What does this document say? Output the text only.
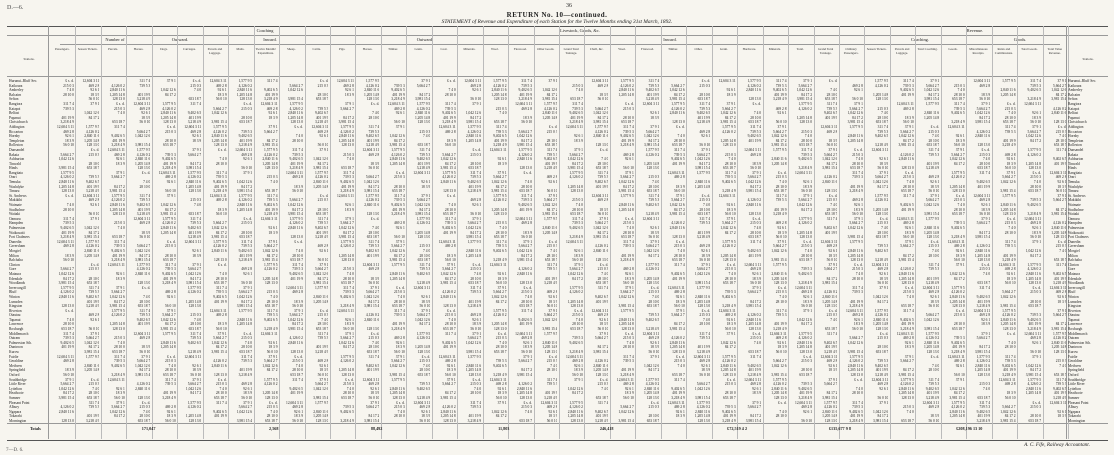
D.—6.	36
RETURN No. 10—continued.
STATEMENT of Revenue and Expenditure of each Station for the Twelve Months ending 31st March, 1892.
Coaching	Livestock, Goods, &c.	Revenue.
Number of	Outward.	Inward.	Outward.	Inward.	Coaching.	Goods.
Stations.	Stations.
Passengers.	Season Tickets.	Parcels.	Horses.	Dogs.	Carriages.	Parcels and Luggage.
Mails.	Twelve Months' Expenditure.
Sheep.	Cattle.	Pigs.	Horses.	Timber.	Grain.	Coal.	Minerals.	Wool.	Firewood.	Other Goods.	Grand Total Tonnage.
Chaff, &c.	Wool.	Firewood.	Timber.	Other.	Grain.	Hardware.	Minerals.	Total.	Grand Total Tonnage.
Ordinary Passengers.
Season Tickets.	Parcels and Luggage.
Total Coaching.	Goods.	Miscellaneous Receipts.
Rents and Commissions.
Total Goods.	Total Value Revenue.
Hurunui–Bluff Sec.
Kaikoura
Amberley
Balcairn
Sefton
Rangiora
Kaiapoi
Belfast
Papanui
Christchurch
Addington
Riccarton
Hornby
Templeton
Rolleston
Dunsandel
Rakaia
Ashburton
Tinwald
Hinds
Rangitata
Orari
Temuka
Washdyke
Timaru
St. Andrews
Makikihi
Waimate
Studholme
Waitaki
Oamaru
Hampden
Palmerston
Waikouaiti
Port Chalmers
Dunedin
Caversham
Mosgiel
Milton
Balclutha
Clinton
Gore
Mataura
Edendale
Woodlands
Invercargill
Bluff
Winton
Lumsden
Kingston
Riverton
Otautau
Tapanui
Lawrence
Roxburgh
Middlemarch
Outram
Palmerston Sth.
Duntroon
Kurow
Fairlie
Geraldine
Methven
Springfield
Oxford
Southbridge
Little River
Lyttelton
Heathcote
Sumner
Pleasant Point
Albury
Ngapara
Tokarahi
Mornington
Hurunui–Bluff Sec.
Kaikoura
Amberley
Balcairn
Sefton
Rangiora
Kaiapoi
Belfast
Papanui
Christchurch
Addington
Riccarton
Hornby
Templeton
Rolleston
Dunsandel
Rakaia
Ashburton
Tinwald
Hinds
Rangitata
Orari
Temuka
Washdyke
Timaru
St. Andrews
Makikihi
Waimate
Studholme
Waitaki
Oamaru
Hampden
Palmerston
Waikouaiti
Port Chalmers
Dunedin
Caversham
Mosgiel
Milton
Balclutha
Clinton
Gore
Mataura
Edendale
Woodlands
Invercargill
Bluff
Winton
Lumsden
Kingston
Riverton
Otautau
Tapanui
Lawrence
Roxburgh
Middlemarch
Outram
Palmerston Sth.
Duntroon
Kurow
Fairlie
Geraldine
Methven
Springfield
Oxford
Southbridge
Little River
Lyttelton
Heathcote
Sumner
Pleasant Point
Albury
Ngapara
Tokarahi
Mornington
£ s. d.
215 0 3
7 4 0
28 10 0
311 7 4
739 5 3
401 19 9
3,218 4 9
12,604 3 11
469 2 8
92 6 1
18 3 9
56 0 10
5,664 2 7
1,042 12 6
3,981 15 4
1,577 9 5
4,126 0 2
2,840 11 6
1,205 14 8
128 13 0
£ s. d.
7 4 0
28 10 0
311 7 4
739 5 3
9,402 6 5
401 19 9
3,218 4 9
12,604 3 11
469 2 8
18 3 9
56 0 10
5,664 2 7
1,042 12 6
84 17 2
3,981 15 4
1,577 9 5
4,126 0 2
2,840 11 6
128 13 0
£ s. d.
7 4 0
28 10 0
653 18 7
311 7 4
739 5 3
9,402 6 5
401 19 9
12,604 3 11
469 2 8
18 3 9
56 0 10
37 9 1
5,664 2 7
1,042 12 6
84 17 2
3,981 15 4
4,126 0 2
2,840 11 6
128 13 0
12,604 3 11
469 2 8
92 6 1
18 3 9
56 0 10
37 9 1
1,042 12 6
84 17 2
1,577 9 5
4,126 0 2
2,840 11 6
1,205 14 8
128 13 0
£ s. d.
215 0 3
28 10 0
653 18 7
739 5 3
9,402 6 5
401 19 9
3,218 4 9
12,604 3 11
469 2 8
92 6 1
56 0 10
37 9 1
1,042 12 6
84 17 2
3,981 15 4
1,577 9 5
4,126 0 2
2,840 11 6
1,205 14 8
£ s. d.
215 0 3
28 10 0
653 18 7
311 7 4
739 5 3
9,402 6 5
401 19 9
3,218 4 9
469 2 8
92 6 1
56 0 10
37 9 1
5,664 2 7
1,042 12 6
84 17 2
3,981 15 4
1,577 9 5
2,840 11 6
1,205 14 8
£ s. d.
215 0 3
7 4 0
28 10 0
653 18 7
311 7 4
739 5 3
401 19 9
3,218 4 9
4,126 0 2
2,840 11 6
1,205 14 8
128 13 0
£ s. d.
215 0 3
7 4 0
653 18 7
311 7 4
9,402 6 5
401 19 9
3,218 4 9
12,604 3 11
469 2 8
92 6 1
18 3 9
37 9 1
5,664 2 7
84 17 2
3,981 15 4
1,577 9 5
4,126 0 2
2,840 11 6
1,205 14 8
128 13 0
215 0 3
7 4 0
653 18 7
311 7 4
739 5 3
9,402 6 5
401 19 9
3,218 4 9
12,604 3 11
92 6 1
18 3 9
37 9 1
5,664 2 7
1,042 12 6
84 17 2
3,981 15 4
1,577 9 5
4,126 0 2
1,205 14 8
128 13 0
215 0 3
7 4 0
28 10 0
653 18 7
311 7 4
739 5 3
9,402 6 5
3,218 4 9
12,604 3 11
92 6 1
18 3 9
56 0 10
37 9 1
5,664 2 7
1,042 12 6
84 17 2
311 7 4
739 5 3
401 19 9
3,218 4 9
12,604 3 11
469 2 8
92 6 1
18 3 9
56 0 10
5,664 2 7
1,042 12 6
3,981 15 4
1,577 9 5
4,126 0 2
2,840 11 6
1,205 14 8
128 13 0
£ s. d.
7 4 0
28 10 0
311 7 4
739 5 3
9,402 6 5
401 19 9
3,218 4 9
12,604 3 11
469 2 8
18 3 9
56 0 10
5,664 2 7
1,042 12 6
84 17 2
3,981 15 4
1,577 9 5
4,126 0 2
2,840 11 6
128 13 0
£ s. d.
7 4 0
28 10 0
653 18 7
311 7 4
739 5 3
9,402 6 5
401 19 9
12,604 3 11
469 2 8
18 3 9
56 0 10
37 9 1
5,664 2 7
1,042 12 6
84 17 2
3,981 15 4
4,126 0 2
2,840 11 6
128 13 0
£ s. d.
215 0 3
7 4 0
28 10 0
653 18 7
37 9 1
1,042 12 6
84 17 2
1,577 9 5
4,126 0 2
2,840 11 6
1,205 14 8
128 13 0
£ s. d.
215 0 3
28 10 0
653 18 7
739 5 3
9,402 6 5
401 19 9
3,218 4 9
12,604 3 11
469 2 8
92 6 1
56 0 10
37 9 1
1,042 12 6
84 17 2
3,981 15 4
1,577 9 5
4,126 0 2
2,840 11 6
1,205 14 8
£ s. d.
215 0 3
28 10 0
653 18 7
311 7 4
739 5 3
9,402 6 5
401 19 9
3,218 4 9
469 2 8
92 6 1
56 0 10
37 9 1
5,664 2 7
1,042 12 6
84 17 2
3,981 15 4
1,577 9 5
2,840 11 6
1,205 14 8
£ s. d.
215 0 3
7 4 0
28 10 0
653 18 7
311 7 4
739 5 3
401 19 9
3,218 4 9
469 2 8
92 6 1
18 3 9
56 0 10
£ s. d.
215 0 3
7 4 0
653 18 7
311 7 4
9,402 6 5
401 19 9
3,218 4 9
12,604 3 11
469 2 8
92 6 1
18 3 9
37 9 1
5,664 2 7
84 17 2
3,981 15 4
1,577 9 5
4,126 0 2
2,840 11 6
1,205 14 8
128 13 0
215 0 3
7 4 0
653 18 7
311 7 4
739 5 3
9,402 6 5
401 19 9
3,218 4 9
12,604 3 11
92 6 1
18 3 9
37 9 1
5,664 2 7
1,042 12 6
84 17 2
3,981 15 4
1,577 9 5
4,126 0 2
1,205 14 8
128 13 0
215 0 3
7 4 0
28 10 0
653 18 7
311 7 4
739 5 3
9,402 6 5
3,218 4 9
12,604 3 11
92 6 1
18 3 9
56 0 10
37 9 1
5,664 2 7
1,042 12 6
84 17 2
1,577 9 5
4,126 0 2
1,205 14 8
128 13 0
12,604 3 11
469 2 8
92 6 1
18 3 9
56 0 10
5,664 2 7
1,042 12 6
3,981 15 4
1,577 9 5
4,126 0 2
2,840 11 6
1,205 14 8
128 13 0
£ s. d.
7 4 0
28 10 0
311 7 4
739 5 3
9,402 6 5
401 19 9
3,218 4 9
12,604 3 11
469 2 8
18 3 9
56 0 10
5,664 2 7
1,042 12 6
84 17 2
3,981 15 4
1,577 9 5
4,126 0 2
2,840 11 6
128 13 0
£ s. d.
7 4 0
28 10 0
653 18 7
311 7 4
739 5 3
9,402 6 5
401 19 9
12,604 3 11
469 2 8
18 3 9
56 0 10
37 9 1
5,664 2 7
1,042 12 6
84 17 2
3,981 15 4
4,126 0 2
2,840 11 6
128 13 0
£ s. d.
215 0 3
7 4 0
28 10 0
653 18 7
311 7 4
9,402 6 5
401 19 9
1,577 9 5
4,126 0 2
2,840 11 6
1,205 14 8
128 13 0
£ s. d.
215 0 3
28 10 0
653 18 7
739 5 3
9,402 6 5
401 19 9
3,218 4 9
12,604 3 11
469 2 8
92 6 1
56 0 10
37 9 1
1,042 12 6
84 17 2
3,981 15 4
1,577 9 5
4,126 0 2
2,840 11 6
1,205 14 8
£ s. d.
215 0 3
28 10 0
653 18 7
311 7 4
739 5 3
9,402 6 5
401 19 9
3,218 4 9
469 2 8
92 6 1
56 0 10
37 9 1
5,664 2 7
1,042 12 6
84 17 2
3,981 15 4
1,577 9 5
2,840 11 6
1,205 14 8
£ s. d.
215 0 3
7 4 0
28 10 0
653 18 7
311 7 4
739 5 3
401 19 9
3,218 4 9
469 2 8
92 6 1
18 3 9
56 0 10
37 9 1
5,664 2 7
1,042 12 6
3,981 15 4
311 7 4
9,402 6 5
401 19 9
3,218 4 9
12,604 3 11
469 2 8
92 6 1
18 3 9
37 9 1
5,664 2 7
84 17 2
3,981 15 4
1,577 9 5
4,126 0 2
2,840 11 6
1,205 14 8
128 13 0
215 0 3
7 4 0
653 18 7
311 7 4
739 5 3
9,402 6 5
401 19 9
3,218 4 9
12,604 3 11
92 6 1
18 3 9
37 9 1
5,664 2 7
1,042 12 6
84 17 2
3,981 15 4
1,577 9 5
4,126 0 2
1,205 14 8
128 13 0
215 0 3
7 4 0
28 10 0
653 18 7
311 7 4
739 5 3
9,402 6 5
3,218 4 9
12,604 3 11
92 6 1
18 3 9
56 0 10
37 9 1
5,664 2 7
1,042 12 6
84 17 2
1,577 9 5
4,126 0 2
1,205 14 8
128 13 0
£ s. d.
215 0 3
7 4 0
28 10 0
653 18 7
5,664 2 7
1,042 12 6
3,981 15 4
1,577 9 5
4,126 0 2
2,840 11 6
1,205 14 8
128 13 0
£ s. d.
7 4 0
28 10 0
311 7 4
739 5 3
9,402 6 5
401 19 9
3,218 4 9
12,604 3 11
469 2 8
18 3 9
56 0 10
5,664 2 7
1,042 12 6
84 17 2
3,981 15 4
1,577 9 5
4,126 0 2
2,840 11 6
128 13 0
£ s. d.
7 4 0
28 10 0
653 18 7
311 7 4
739 5 3
9,402 6 5
401 19 9
12,604 3 11
469 2 8
18 3 9
56 0 10
37 9 1
5,664 2 7
1,042 12 6
84 17 2
3,981 15 4
4,126 0 2
2,840 11 6
128 13 0
£ s. d.
215 0 3
7 4 0
28 10 0
653 18 7
311 7 4
9,402 6 5
401 19 9
12,604 3 11
469 2 8
92 6 1
18 3 9
56 0 10
£ s. d.
215 0 3
28 10 0
653 18 7
739 5 3
9,402 6 5
401 19 9
3,218 4 9
12,604 3 11
469 2 8
92 6 1
56 0 10
37 9 1
1,042 12 6
84 17 2
3,981 15 4
1,577 9 5
4,126 0 2
2,840 11 6
1,205 14 8
£ s. d.
215 0 3
28 10 0
653 18 7
311 7 4
739 5 3
9,402 6 5
401 19 9
3,218 4 9
469 2 8
92 6 1
56 0 10
37 9 1
5,664 2 7
1,042 12 6
84 17 2
3,981 15 4
1,577 9 5
2,840 11 6
1,205 14 8
£ s. d.
215 0 3
7 4 0
28 10 0
653 18 7
311 7 4
739 5 3
401 19 9
3,218 4 9
469 2 8
92 6 1
18 3 9
56 0 10
37 9 1
5,664 2 7
1,042 12 6
3,981 15 4
1,577 9 5
2,840 11 6
1,205 14 8
128 13 0
12,604 3 11
469 2 8
92 6 1
18 3 9
37 9 1
5,664 2 7
84 17 2
3,981 15 4
1,577 9 5
4,126 0 2
2,840 11 6
1,205 14 8
128 13 0
215 0 3
7 4 0
653 18 7
311 7 4
739 5 3
9,402 6 5
401 19 9
3,218 4 9
12,604 3 11
92 6 1
18 3 9
37 9 1
5,664 2 7
1,042 12 6
84 17 2
3,981 15 4
1,577 9 5
4,126 0 2
1,205 14 8
128 13 0
215 0 3
7 4 0
28 10 0
653 18 7
311 7 4
739 5 3
9,402 6 5
3,218 4 9
12,604 3 11
92 6 1
18 3 9
56 0 10
37 9 1
5,664 2 7
1,042 12 6
84 17 2
1,577 9 5
4,126 0 2
1,205 14 8
128 13 0
£ s. d.
215 0 3
7 4 0
28 10 0
653 18 7
739 5 3
9,402 6 5
3,218 4 9
1,577 9 5
4,126 0 2
2,840 11 6
1,205 14 8
128 13 0
£ s. d.
7 4 0
28 10 0
311 7 4
739 5 3
9,402 6 5
401 19 9
3,218 4 9
12,604 3 11
469 2 8
18 3 9
56 0 10
5,664 2 7
1,042 12 6
84 17 2
3,981 15 4
1,577 9 5
4,126 0 2
2,840 11 6
128 13 0
£ s. d.
7 4 0
28 10 0
653 18 7
311 7 4
739 5 3
9,402 6 5
401 19 9
12,604 3 11
469 2 8
18 3 9
56 0 10
37 9 1
5,664 2 7
1,042 12 6
84 17 2
3,981 15 4
4,126 0 2
2,840 11 6
128 13 0
£ s. d.
215 0 3
7 4 0
28 10 0
653 18 7
311 7 4
9,402 6 5
401 19 9
12,604 3 11
469 2 8
92 6 1
18 3 9
56 0 10
37 9 1
5,664 2 7
84 17 2
3,981 15 4
739 5 3
9,402 6 5
401 19 9
3,218 4 9
12,604 3 11
469 2 8
92 6 1
56 0 10
37 9 1
1,042 12 6
84 17 2
3,981 15 4
1,577 9 5
4,126 0 2
2,840 11 6
1,205 14 8
£ s. d.
215 0 3
28 10 0
653 18 7
311 7 4
739 5 3
9,402 6 5
401 19 9
3,218 4 9
469 2 8
92 6 1
56 0 10
37 9 1
5,664 2 7
1,042 12 6
84 17 2
3,981 15 4
1,577 9 5
2,840 11 6
1,205 14 8
£ s. d.
215 0 3
7 4 0
28 10 0
653 18 7
311 7 4
739 5 3
401 19 9
3,218 4 9
469 2 8
92 6 1
18 3 9
56 0 10
37 9 1
5,664 2 7
1,042 12 6
3,981 15 4
1,577 9 5
2,840 11 6
1,205 14 8
128 13 0
£ s. d.
215 0 3
7 4 0
28 10 0
37 9 1
5,664 2 7
84 17 2
3,981 15 4
1,577 9 5
4,126 0 2
2,840 11 6
1,205 14 8
128 13 0
215 0 3
7 4 0
653 18 7
311 7 4
739 5 3
9,402 6 5
401 19 9
3,218 4 9
12,604 3 11
92 6 1
18 3 9
37 9 1
5,664 2 7
1,042 12 6
84 17 2
3,981 15 4
1,577 9 5
4,126 0 2
1,205 14 8
128 13 0
215 0 3
7 4 0
28 10 0
653 18 7
311 7 4
739 5 3
9,402 6 5
3,218 4 9
12,604 3 11
92 6 1
18 3 9
56 0 10
37 9 1
5,664 2 7
1,042 12 6
84 17 2
1,577 9 5
4,126 0 2
1,205 14 8
128 13 0
£ s. d.
215 0 3
7 4 0
28 10 0
653 18 7
739 5 3
9,402 6 5
3,218 4 9
12,604 3 11
469 2 8
92 6 1
18 3 9
56 0 10
£ s. d.
7 4 0
28 10 0
311 7 4
739 5 3
9,402 6 5
401 19 9
3,218 4 9
12,604 3 11
469 2 8
18 3 9
56 0 10
5,664 2 7
1,042 12 6
84 17 2
3,981 15 4
1,577 9 5
4,126 0 2
2,840 11 6
128 13 0
£ s. d.
7 4 0
28 10 0
653 18 7
311 7 4
739 5 3
9,402 6 5
401 19 9
12,604 3 11
469 2 8
18 3 9
56 0 10
37 9 1
5,664 2 7
1,042 12 6
84 17 2
3,981 15 4
4,126 0 2
2,840 11 6
128 13 0
£ s. d.
215 0 3
7 4 0
28 10 0
653 18 7
311 7 4
9,402 6 5
401 19 9
12,604 3 11
469 2 8
92 6 1
18 3 9
56 0 10
37 9 1
5,664 2 7
84 17 2
3,981 15 4
4,126 0 2
2,840 11 6
1,205 14 8
128 13 0
12,604 3 11
469 2 8
92 6 1
56 0 10
37 9 1
1,042 12 6
84 17 2
3,981 15 4
1,577 9 5
4,126 0 2
2,840 11 6
1,205 14 8
£ s. d.
215 0 3
28 10 0
653 18 7
311 7 4
739 5 3
9,402 6 5
401 19 9
3,218 4 9
469 2 8
92 6 1
56 0 10
37 9 1
5,664 2 7
1,042 12 6
84 17 2
3,981 15 4
1,577 9 5
2,840 11 6
1,205 14 8
£ s. d.
215 0 3
7 4 0
28 10 0
653 18 7
311 7 4
739 5 3
401 19 9
3,218 4 9
469 2 8
92 6 1
18 3 9
56 0 10
37 9 1
5,664 2 7
1,042 12 6
3,981 15 4
1,577 9 5
2,840 11 6
1,205 14 8
128 13 0
£ s. d.
215 0 3
7 4 0
28 10 0
311 7 4
739 5 3
401 19 9
3,218 4 9
1,577 9 5
4,126 0 2
2,840 11 6
1,205 14 8
128 13 0
215 0 3
7 4 0
653 18 7
311 7 4
739 5 3
9,402 6 5
401 19 9
3,218 4 9
12,604 3 11
92 6 1
18 3 9
37 9 1
5,664 2 7
1,042 12 6
84 17 2
3,981 15 4
1,577 9 5
4,126 0 2
1,205 14 8
128 13 0
215 0 3
7 4 0
28 10 0
653 18 7
311 7 4
739 5 3
9,402 6 5
3,218 4 9
12,604 3 11
92 6 1
18 3 9
56 0 10
37 9 1
5,664 2 7
1,042 12 6
84 17 2
1,577 9 5
4,126 0 2
1,205 14 8
128 13 0
£ s. d.
215 0 3
7 4 0
28 10 0
653 18 7
739 5 3
9,402 6 5
3,218 4 9
12,604 3 11
469 2 8
92 6 1
18 3 9
56 0 10
37 9 1
1,042 12 6
84 17 2
311 7 4
739 5 3
9,402 6 5
401 19 9
3,218 4 9
12,604 3 11
469 2 8
18 3 9
56 0 10
5,664 2 7
1,042 12 6
84 17 2
3,981 15 4
1,577 9 5
4,126 0 2
2,840 11 6
128 13 0
£ s. d.
7 4 0
28 10 0
653 18 7
311 7 4
739 5 3
9,402 6 5
401 19 9
12,604 3 11
469 2 8
18 3 9
56 0 10
37 9 1
5,664 2 7
1,042 12 6
84 17 2
3,981 15 4
4,126 0 2
2,840 11 6
128 13 0
£ s. d.
215 0 3
7 4 0
28 10 0
653 18 7
311 7 4
9,402 6 5
401 19 9
12,604 3 11
469 2 8
92 6 1
18 3 9
56 0 10
37 9 1
5,664 2 7
84 17 2
3,981 15 4
4,126 0 2
2,840 11 6
1,205 14 8
128 13 0
£ s. d.
215 0 3
7 4 0
653 18 7
37 9 1
1,042 12 6
84 17 2
3,981 15 4
1,577 9 5
4,126 0 2
2,840 11 6
1,205 14 8
£ s. d.
215 0 3
28 10 0
653 18 7
311 7 4
739 5 3
9,402 6 5
401 19 9
3,218 4 9
469 2 8
92 6 1
56 0 10
37 9 1
5,664 2 7
1,042 12 6
84 17 2
3,981 15 4
1,577 9 5
2,840 11 6
1,205 14 8
£ s. d.
215 0 3
7 4 0
28 10 0
653 18 7
311 7 4
739 5 3
401 19 9
3,218 4 9
469 2 8
92 6 1
18 3 9
56 0 10
37 9 1
5,664 2 7
1,042 12 6
3,981 15 4
1,577 9 5
2,840 11 6
1,205 14 8
128 13 0
£ s. d.
215 0 3
7 4 0
28 10 0
311 7 4
739 5 3
401 19 9
3,218 4 9
12,604 3 11
469 2 8
92 6 1
18 3 9
56 0 10
215 0 3
7 4 0
653 18 7
311 7 4
739 5 3
9,402 6 5
401 19 9
3,218 4 9
12,604 3 11
92 6 1
18 3 9
37 9 1
5,664 2 7
1,042 12 6
84 17 2
3,981 15 4
1,577 9 5
4,126 0 2
1,205 14 8
128 13 0
215 0 3
7 4 0
28 10 0
653 18 7
311 7 4
739 5 3
9,402 6 5
3,218 4 9
12,604 3 11
92 6 1
18 3 9
56 0 10
37 9 1
5,664 2 7
1,042 12 6
84 17 2
1,577 9 5
4,126 0 2
1,205 14 8
128 13 0
£ s. d.
215 0 3
7 4 0
28 10 0
653 18 7
739 5 3
9,402 6 5
3,218 4 9
12,604 3 11
469 2 8
92 6 1
18 3 9
56 0 10
37 9 1
1,042 12 6
84 17 2
1,577 9 5
4,126 0 2
2,840 11 6
1,205 14 8
128 13 0
12,604 3 11
469 2 8
18 3 9
56 0 10
5,664 2 7
1,042 12 6
84 17 2
3,981 15 4
1,577 9 5
4,126 0 2
2,840 11 6
128 13 0
£ s. d.
7 4 0
28 10 0
653 18 7
311 7 4
739 5 3
9,402 6 5
401 19 9
12,604 3 11
469 2 8
18 3 9
56 0 10
37 9 1
5,664 2 7
1,042 12 6
84 17 2
3,981 15 4
4,126 0 2
2,840 11 6
128 13 0
£ s. d.
215 0 3
7 4 0
28 10 0
653 18 7
311 7 4
9,402 6 5
401 19 9
12,604 3 11
469 2 8
92 6 1
18 3 9
56 0 10
37 9 1
5,664 2 7
84 17 2
3,981 15 4
4,126 0 2
2,840 11 6
1,205 14 8
128 13 0
£ s. d.
215 0 3
7 4 0
653 18 7
311 7 4
9,402 6 5
401 19 9
3,218 4 9
1,577 9 5
4,126 0 2
2,840 11 6
1,205 14 8
£ s. d.
215 0 3
28 10 0
653 18 7
311 7 4
739 5 3
9,402 6 5
401 19 9
3,218 4 9
469 2 8
92 6 1
56 0 10
37 9 1
5,664 2 7
1,042 12 6
84 17 2
3,981 15 4
1,577 9 5
2,840 11 6
1,205 14 8
£ s. d.
215 0 3
7 4 0
28 10 0
653 18 7
311 7 4
739 5 3
401 19 9
3,218 4 9
469 2 8
92 6 1
18 3 9
56 0 10
37 9 1
5,664 2 7
1,042 12 6
3,981 15 4
1,577 9 5
2,840 11 6
1,205 14 8
128 13 0
£ s. d.
215 0 3
7 4 0
28 10 0
311 7 4
739 5 3
401 19 9
3,218 4 9
12,604 3 11
469 2 8
92 6 1
18 3 9
56 0 10
5,664 2 7
1,042 12 6
3,981 15 4
311 7 4
739 5 3
9,402 6 5
401 19 9
3,218 4 9
12,604 3 11
92 6 1
18 3 9
37 9 1
5,664 2 7
1,042 12 6
84 17 2
3,981 15 4
1,577 9 5
4,126 0 2
1,205 14 8
128 13 0
215 0 3
7 4 0
28 10 0
653 18 7
311 7 4
739 5 3
9,402 6 5
3,218 4 9
12,604 3 11
92 6 1
18 3 9
56 0 10
37 9 1
5,664 2 7
1,042 12 6
84 17 2
1,577 9 5
4,126 0 2
1,205 14 8
128 13 0
£ s. d.
215 0 3
7 4 0
28 10 0
653 18 7
739 5 3
9,402 6 5
3,218 4 9
12,604 3 11
469 2 8
92 6 1
18 3 9
56 0 10
37 9 1
1,042 12 6
84 17 2
1,577 9 5
4,126 0 2
2,840 11 6
1,205 14 8
128 13 0
£ s. d.
215 0 3
28 10 0
653 18 7
5,664 2 7
1,042 12 6
84 17 2
3,981 15 4
1,577 9 5
4,126 0 2
2,840 11 6
128 13 0
£ s. d.
7 4 0
28 10 0
653 18 7
311 7 4
739 5 3
9,402 6 5
401 19 9
12,604 3 11
469 2 8
18 3 9
56 0 10
37 9 1
5,664 2 7
1,042 12 6
84 17 2
3,981 15 4
4,126 0 2
2,840 11 6
128 13 0
£ s. d.
215 0 3
7 4 0
28 10 0
653 18 7
311 7 4
9,402 6 5
401 19 9
12,604 3 11
469 2 8
92 6 1
18 3 9
56 0 10
37 9 1
5,664 2 7
84 17 2
3,981 15 4
4,126 0 2
2,840 11 6
1,205 14 8
128 13 0
£ s. d.
215 0 3
7 4 0
653 18 7
311 7 4
9,402 6 5
401 19 9
3,218 4 9
12,604 3 11
469 2 8
92 6 1
18 3 9
£ s. d.
215 0 3
28 10 0
653 18 7
311 7 4
739 5 3
9,402 6 5
401 19 9
3,218 4 9
469 2 8
92 6 1
56 0 10
37 9 1
5,664 2 7
1,042 12 6
84 17 2
3,981 15 4
1,577 9 5
2,840 11 6
1,205 14 8
£ s. d.
215 0 3
7 4 0
28 10 0
653 18 7
311 7 4
739 5 3
401 19 9
3,218 4 9
469 2 8
92 6 1
18 3 9
56 0 10
37 9 1
5,664 2 7
1,042 12 6
3,981 15 4
1,577 9 5
2,840 11 6
1,205 14 8
128 13 0
£ s. d.
215 0 3
7 4 0
28 10 0
311 7 4
739 5 3
401 19 9
3,218 4 9
12,604 3 11
469 2 8
92 6 1
18 3 9
56 0 10
5,664 2 7
1,042 12 6
3,981 15 4
1,577 9 5
4,126 0 2
2,840 11 6
1,205 14 8
128 13 0
12,604 3 11
92 6 1
18 3 9
37 9 1
5,664 2 7
1,042 12 6
84 17 2
3,981 15 4
1,577 9 5
4,126 0 2
1,205 14 8
128 13 0
215 0 3
7 4 0
28 10 0
653 18 7
311 7 4
739 5 3
9,402 6 5
3,218 4 9
12,604 3 11
92 6 1
18 3 9
56 0 10
37 9 1
5,664 2 7
1,042 12 6
84 17 2
1,577 9 5
4,126 0 2
1,205 14 8
128 13 0
£ s. d.
215 0 3
7 4 0
28 10 0
653 18 7
739 5 3
9,402 6 5
3,218 4 9
12,604 3 11
469 2 8
92 6 1
18 3 9
56 0 10
37 9 1
1,042 12 6
84 17 2
1,577 9 5
4,126 0 2
2,840 11 6
1,205 14 8
128 13 0
£ s. d.
215 0 3
28 10 0
653 18 7
739 5 3
9,402 6 5
401 19 9
3,218 4 9
1,577 9 5
4,126 0 2
2,840 11 6
128 13 0
£ s. d.
7 4 0
28 10 0
653 18 7
311 7 4
739 5 3
9,402 6 5
401 19 9
12,604 3 11
469 2 8
18 3 9
56 0 10
37 9 1
5,664 2 7
1,042 12 6
84 17 2
3,981 15 4
4,126 0 2
2,840 11 6
128 13 0
£ s. d.
215 0 3
7 4 0
28 10 0
653 18 7
311 7 4
9,402 6 5
401 19 9
12,604 3 11
469 2 8
92 6 1
18 3 9
56 0 10
37 9 1
5,664 2 7
84 17 2
3,981 15 4
4,126 0 2
2,840 11 6
1,205 14 8
128 13 0
£ s. d.
215 0 3
7 4 0
653 18 7
311 7 4
9,402 6 5
401 19 9
3,218 4 9
12,604 3 11
469 2 8
92 6 1
18 3 9
37 9 1
5,664 2 7
84 17 2
3,981 15 4
311 7 4
739 5 3
9,402 6 5
401 19 9
3,218 4 9
469 2 8
92 6 1
56 0 10
37 9 1
5,664 2 7
1,042 12 6
84 17 2
3,981 15 4
1,577 9 5
2,840 11 6
1,205 14 8
£ s. d.
215 0 3
7 4 0
28 10 0
653 18 7
311 7 4
739 5 3
401 19 9
3,218 4 9
469 2 8
92 6 1
18 3 9
56 0 10
37 9 1
5,664 2 7
1,042 12 6
3,981 15 4
1,577 9 5
2,840 11 6
1,205 14 8
128 13 0
£ s. d.
215 0 3
7 4 0
28 10 0
311 7 4
739 5 3
401 19 9
3,218 4 9
12,604 3 11
469 2 8
92 6 1
18 3 9
56 0 10
5,664 2 7
1,042 12 6
3,981 15 4
1,577 9 5
4,126 0 2
2,840 11 6
1,205 14 8
128 13 0
£ s. d.
7 4 0
28 10 0
37 9 1
5,664 2 7
1,042 12 6
84 17 2
3,981 15 4
1,577 9 5
4,126 0 2
1,205 14 8
128 13 0
215 0 3
7 4 0
28 10 0
653 18 7
311 7 4
739 5 3
9,402 6 5
3,218 4 9
12,604 3 11
92 6 1
18 3 9
56 0 10
37 9 1
5,664 2 7
1,042 12 6
84 17 2
1,577 9 5
4,126 0 2
1,205 14 8
128 13 0
£ s. d.
215 0 3
7 4 0
28 10 0
653 18 7
739 5 3
9,402 6 5
3,218 4 9
12,604 3 11
469 2 8
92 6 1
18 3 9
56 0 10
37 9 1
1,042 12 6
84 17 2
1,577 9 5
4,126 0 2
2,840 11 6
1,205 14 8
128 13 0
£ s. d.
215 0 3
28 10 0
653 18 7
739 5 3
9,402 6 5
401 19 9
3,218 4 9
12,604 3 11
469 2 8
92 6 1
56 0 10
£ s. d.
7 4 0
28 10 0
653 18 7
311 7 4
739 5 3
9,402 6 5
401 19 9
12,604 3 11
469 2 8
18 3 9
56 0 10
37 9 1
5,664 2 7
1,042 12 6
84 17 2
3,981 15 4
4,126 0 2
2,840 11 6
128 13 0
£ s. d.
215 0 3
7 4 0
28 10 0
653 18 7
311 7 4
9,402 6 5
401 19 9
12,604 3 11
469 2 8
92 6 1
18 3 9
56 0 10
37 9 1
5,664 2 7
84 17 2
3,981 15 4
4,126 0 2
2,840 11 6
1,205 14 8
128 13 0
£ s. d.
215 0 3
7 4 0
653 18 7
311 7 4
9,402 6 5
401 19 9
3,218 4 9
12,604 3 11
469 2 8
92 6 1
18 3 9
37 9 1
5,664 2 7
84 17 2
3,981 15 4
1,577 9 5
4,126 0 2
2,840 11 6
1,205 14 8
128 13 0
469 2 8
92 6 1
56 0 10
37 9 1
5,664 2 7
1,042 12 6
84 17 2
3,981 15 4
1,577 9 5
2,840 11 6
1,205 14 8
£ s. d.
215 0 3
7 4 0
28 10 0
653 18 7
311 7 4
739 5 3
401 19 9
3,218 4 9
469 2 8
92 6 1
18 3 9
56 0 10
37 9 1
5,664 2 7
1,042 12 6
3,981 15 4
1,577 9 5
2,840 11 6
1,205 14 8
128 13 0
£ s. d.
215 0 3
7 4 0
28 10 0
311 7 4
739 5 3
401 19 9
3,218 4 9
12,604 3 11
469 2 8
92 6 1
18 3 9
56 0 10
5,664 2 7
1,042 12 6
3,981 15 4
1,577 9 5
4,126 0 2
2,840 11 6
1,205 14 8
128 13 0
£ s. d.
7 4 0
28 10 0
311 7 4
739 5 3
9,402 6 5
401 19 9
3,218 4 9
1,577 9 5
4,126 0 2
1,205 14 8
128 13 0
215 0 3
7 4 0
28 10 0
653 18 7
311 7 4
739 5 3
9,402 6 5
3,218 4 9
12,604 3 11
92 6 1
18 3 9
56 0 10
37 9 1
5,664 2 7
1,042 12 6
84 17 2
1,577 9 5
4,126 0 2
1,205 14 8
128 13 0
£ s. d.
215 0 3
7 4 0
28 10 0
653 18 7
739 5 3
9,402 6 5
3,218 4 9
12,604 3 11
469 2 8
92 6 1
18 3 9
56 0 10
37 9 1
1,042 12 6
84 17 2
1,577 9 5
4,126 0 2
2,840 11 6
1,205 14 8
128 13 0
£ s. d.
215 0 3
28 10 0
653 18 7
739 5 3
9,402 6 5
401 19 9
3,218 4 9
12,604 3 11
469 2 8
92 6 1
56 0 10
37 9 1
1,042 12 6
84 17 2
3,981 15 4
311 7 4
739 5 3
9,402 6 5
401 19 9
12,604 3 11
469 2 8
18 3 9
56 0 10
37 9 1
5,664 2 7
1,042 12 6
84 17 2
3,981 15 4
4,126 0 2
2,840 11 6
128 13 0
£ s. d.
215 0 3
7 4 0
28 10 0
653 18 7
311 7 4
9,402 6 5
401 19 9
12,604 3 11
469 2 8
92 6 1
18 3 9
56 0 10
37 9 1
5,664 2 7
84 17 2
3,981 15 4
4,126 0 2
2,840 11 6
1,205 14 8
128 13 0
£ s. d.
215 0 3
7 4 0
653 18 7
311 7 4
9,402 6 5
401 19 9
3,218 4 9
12,604 3 11
469 2 8
92 6 1
18 3 9
37 9 1
5,664 2 7
84 17 2
3,981 15 4
1,577 9 5
4,126 0 2
2,840 11 6
1,205 14 8
128 13 0
215 0 3
7 4 0
653 18 7
37 9 1
5,664 2 7
1,042 12 6
84 17 2
3,981 15 4
1,577 9 5
2,840 11 6
1,205 14 8
£ s. d.
215 0 3
7 4 0
28 10 0
653 18 7
311 7 4
739 5 3
401 19 9
3,218 4 9
469 2 8
92 6 1
18 3 9
56 0 10
37 9 1
5,664 2 7
1,042 12 6
3,981 15 4
1,577 9 5
2,840 11 6
1,205 14 8
128 13 0
£ s. d.
215 0 3
7 4 0
28 10 0
311 7 4
739 5 3
401 19 9
3,218 4 9
12,604 3 11
469 2 8
92 6 1
18 3 9
56 0 10
5,664 2 7
1,042 12 6
3,981 15 4
1,577 9 5
4,126 0 2
2,840 11 6
1,205 14 8
128 13 0
£ s. d.
7 4 0
28 10 0
311 7 4
739 5 3
9,402 6 5
401 19 9
3,218 4 9
12,604 3 11
469 2 8
18 3 9
56 0 10
215 0 3
7 4 0
28 10 0
653 18 7
311 7 4
739 5 3
9,402 6 5
3,218 4 9
12,604 3 11
92 6 1
18 3 9
56 0 10
37 9 1
5,664 2 7
1,042 12 6
84 17 2
1,577 9 5
4,126 0 2
1,205 14 8
128 13 0
£ s. d.
215 0 3
7 4 0
28 10 0
653 18 7
739 5 3
9,402 6 5
3,218 4 9
12,604 3 11
469 2 8
92 6 1
18 3 9
56 0 10
37 9 1
1,042 12 6
84 17 2
1,577 9 5
4,126 0 2
2,840 11 6
1,205 14 8
128 13 0
£ s. d.
215 0 3
28 10 0
653 18 7
739 5 3
9,402 6 5
401 19 9
3,218 4 9
12,604 3 11
469 2 8
92 6 1
56 0 10
37 9 1
1,042 12 6
84 17 2
3,981 15 4
1,577 9 5
4,126 0 2
2,840 11 6
1,205 14 8
12,604 3 11
469 2 8
18 3 9
56 0 10
37 9 1
5,664 2 7
1,042 12 6
84 17 2
3,981 15 4
4,126 0 2
2,840 11 6
128 13 0
£ s. d.
215 0 3
7 4 0
28 10 0
653 18 7
311 7 4
9,402 6 5
401 19 9
12,604 3 11
469 2 8
92 6 1
18 3 9
56 0 10
37 9 1
5,664 2 7
84 17 2
3,981 15 4
4,126 0 2
2,840 11 6
1,205 14 8
128 13 0
£ s. d.
215 0 3
7 4 0
653 18 7
311 7 4
9,402 6 5
401 19 9
3,218 4 9
12,604 3 11
469 2 8
92 6 1
18 3 9
37 9 1
5,664 2 7
84 17 2
3,981 15 4
1,577 9 5
4,126 0 2
2,840 11 6
1,205 14 8
128 13 0
215 0 3
7 4 0
653 18 7
311 7 4
739 5 3
9,402 6 5
401 19 9
3,218 4 9
1,577 9 5
2,840 11 6
1,205 14 8
£ s. d.
215 0 3
7 4 0
28 10 0
653 18 7
311 7 4
739 5 3
401 19 9
3,218 4 9
469 2 8
92 6 1
18 3 9
56 0 10
37 9 1
5,664 2 7
1,042 12 6
3,981 15 4
1,577 9 5
2,840 11 6
1,205 14 8
128 13 0
£ s. d.
215 0 3
7 4 0
28 10 0
311 7 4
739 5 3
401 19 9
3,218 4 9
12,604 3 11
469 2 8
92 6 1
18 3 9
56 0 10
5,664 2 7
1,042 12 6
3,981 15 4
1,577 9 5
4,126 0 2
2,840 11 6
1,205 14 8
128 13 0
£ s. d.
7 4 0
28 10 0
311 7 4
739 5 3
9,402 6 5
401 19 9
3,218 4 9
12,604 3 11
469 2 8
18 3 9
56 0 10
5,664 2 7
1,042 12 6
84 17 2
3,981 15 4
311 7 4
739 5 3
9,402 6 5
3,218 4 9
12,604 3 11
92 6 1
18 3 9
56 0 10
37 9 1
5,664 2 7
1,042 12 6
84 17 2
1,577 9 5
4,126 0 2
1,205 14 8
128 13 0
£ s. d.
215 0 3
7 4 0
28 10 0
653 18 7
739 5 3
9,402 6 5
3,218 4 9
12,604 3 11
469 2 8
92 6 1
18 3 9
56 0 10
37 9 1
1,042 12 6
84 17 2
1,577 9 5
4,126 0 2
2,840 11 6
1,205 14 8
128 13 0
£ s. d.
215 0 3
28 10 0
653 18 7
739 5 3
9,402 6 5
401 19 9
3,218 4 9
12,604 3 11
469 2 8
92 6 1
56 0 10
37 9 1
1,042 12 6
84 17 2
3,981 15 4
1,577 9 5
4,126 0 2
2,840 11 6
1,205 14 8
£ s. d.
215 0 3
28 10 0
653 18 7
37 9 1
5,664 2 7
1,042 12 6
84 17 2
3,981 15 4
4,126 0 2
2,840 11 6
128 13 0
£ s. d.
215 0 3
7 4 0
28 10 0
653 18 7
311 7 4
9,402 6 5
401 19 9
12,604 3 11
469 2 8
92 6 1
18 3 9
56 0 10
37 9 1
5,664 2 7
84 17 2
3,981 15 4
4,126 0 2
2,840 11 6
1,205 14 8
128 13 0
£ s. d.
215 0 3
7 4 0
653 18 7
311 7 4
9,402 6 5
401 19 9
3,218 4 9
12,604 3 11
469 2 8
92 6 1
18 3 9
37 9 1
5,664 2 7
84 17 2
3,981 15 4
1,577 9 5
4,126 0 2
2,840 11 6
1,205 14 8
128 13 0
215 0 3
7 4 0
653 18 7
311 7 4
739 5 3
9,402 6 5
401 19 9
3,218 4 9
12,604 3 11
92 6 1
18 3 9
Totals	171,047	2,568	88,492	11,803	246,418	£72,519 4 2	£135,677 9 8	£208,196 13 10
A. C. Fife, Railway Accountant.
7—D. 6.
